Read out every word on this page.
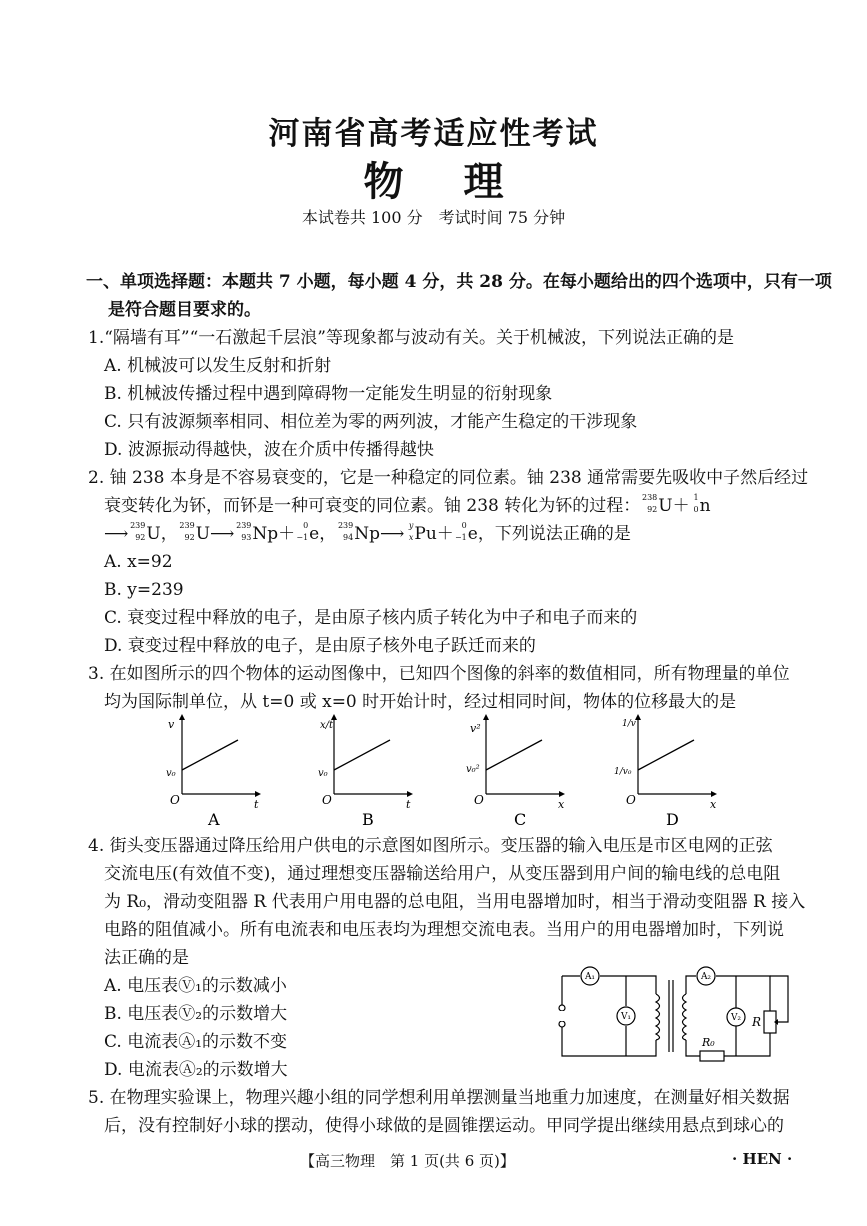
河南省高考适应性考试
物理
本试卷共 100 分　考试时间 75 分钟
一、单项选择题：本题共 7 小题，每小题 4 分，共 28 分。在每小题给出的四个选项中，只有一项
是符合题目要求的。
1.“隔墙有耳”“一石激起千层浪”等现象都与波动有关。关于机械波，下列说法正确的是
A. 机械波可以发生反射和折射
B. 机械波传播过程中遇到障碍物一定能发生明显的衍射现象
C. 只有波源频率相同、相位差为零的两列波，才能产生稳定的干涉现象
D. 波源振动得越快，波在介质中传播得越快
2. 铀 238 本身是不容易衰变的，它是一种稳定的同位素。铀 238 通常需要先吸收中子然后经过
衰变转化为钚，而钚是一种可衰变的同位素。铀 238 转化为钚的过程： 238
92 U＋ 1
0 n
⟶ 239
92 U， 239
92 U⟶ 239
93 Np＋ 0
−1 e， 239
94 Np⟶ y
x Pu＋ 0
−1 e，下列说法正确的是
A. x=92
B. y=239
C. 衰变过程中释放的电子，是由原子核内质子转化为中子和电子而来的
D. 衰变过程中释放的电子，是由原子核外电子跃迁而来的
3. 在如图所示的四个物体的运动图像中，已知四个图像的斜率的数值相同，所有物理量的单位
均为国际制单位，从 t=0 或 x=0 时开始计时，经过相同时间，物体的位移最大的是
v
t
v₀
O
A
x/t
t
v₀
O
B
v²
x
v₀²
O
C
1/v
x
1/v₀
O
D
4. 街头变压器通过降压给用户供电的示意图如图所示。变压器的输入电压是市区电网的正弦
交流电压(有效值不变)，通过理想变压器输送给用户，从变压器到用户间的输电线的总电阻
为 R₀，滑动变阻器 R 代表用户用电器的总电阻，当用电器增加时，相当于滑动变阻器 R 接入
电路的阻值减小。所有电流表和电压表均为理想交流电表。当用户的用电器增加时，下列说
法正确的是
A. 电压表Ⓥ₁的示数减小
B. 电压表Ⓥ₂的示数增大
C. 电流表Ⓐ₁的示数不变
D. 电流表Ⓐ₂的示数增大
A₁
V₁
A₂
V₂ R
R₀
5. 在物理实验课上，物理兴趣小组的同学想利用单摆测量当地重力加速度，在测量好相关数据
后，没有控制好小球的摆动，使得小球做的是圆锥摆运动。甲同学提出继续用悬点到球心的
【高三物理　第 1 页(共 6 页)】	· HEN ·
